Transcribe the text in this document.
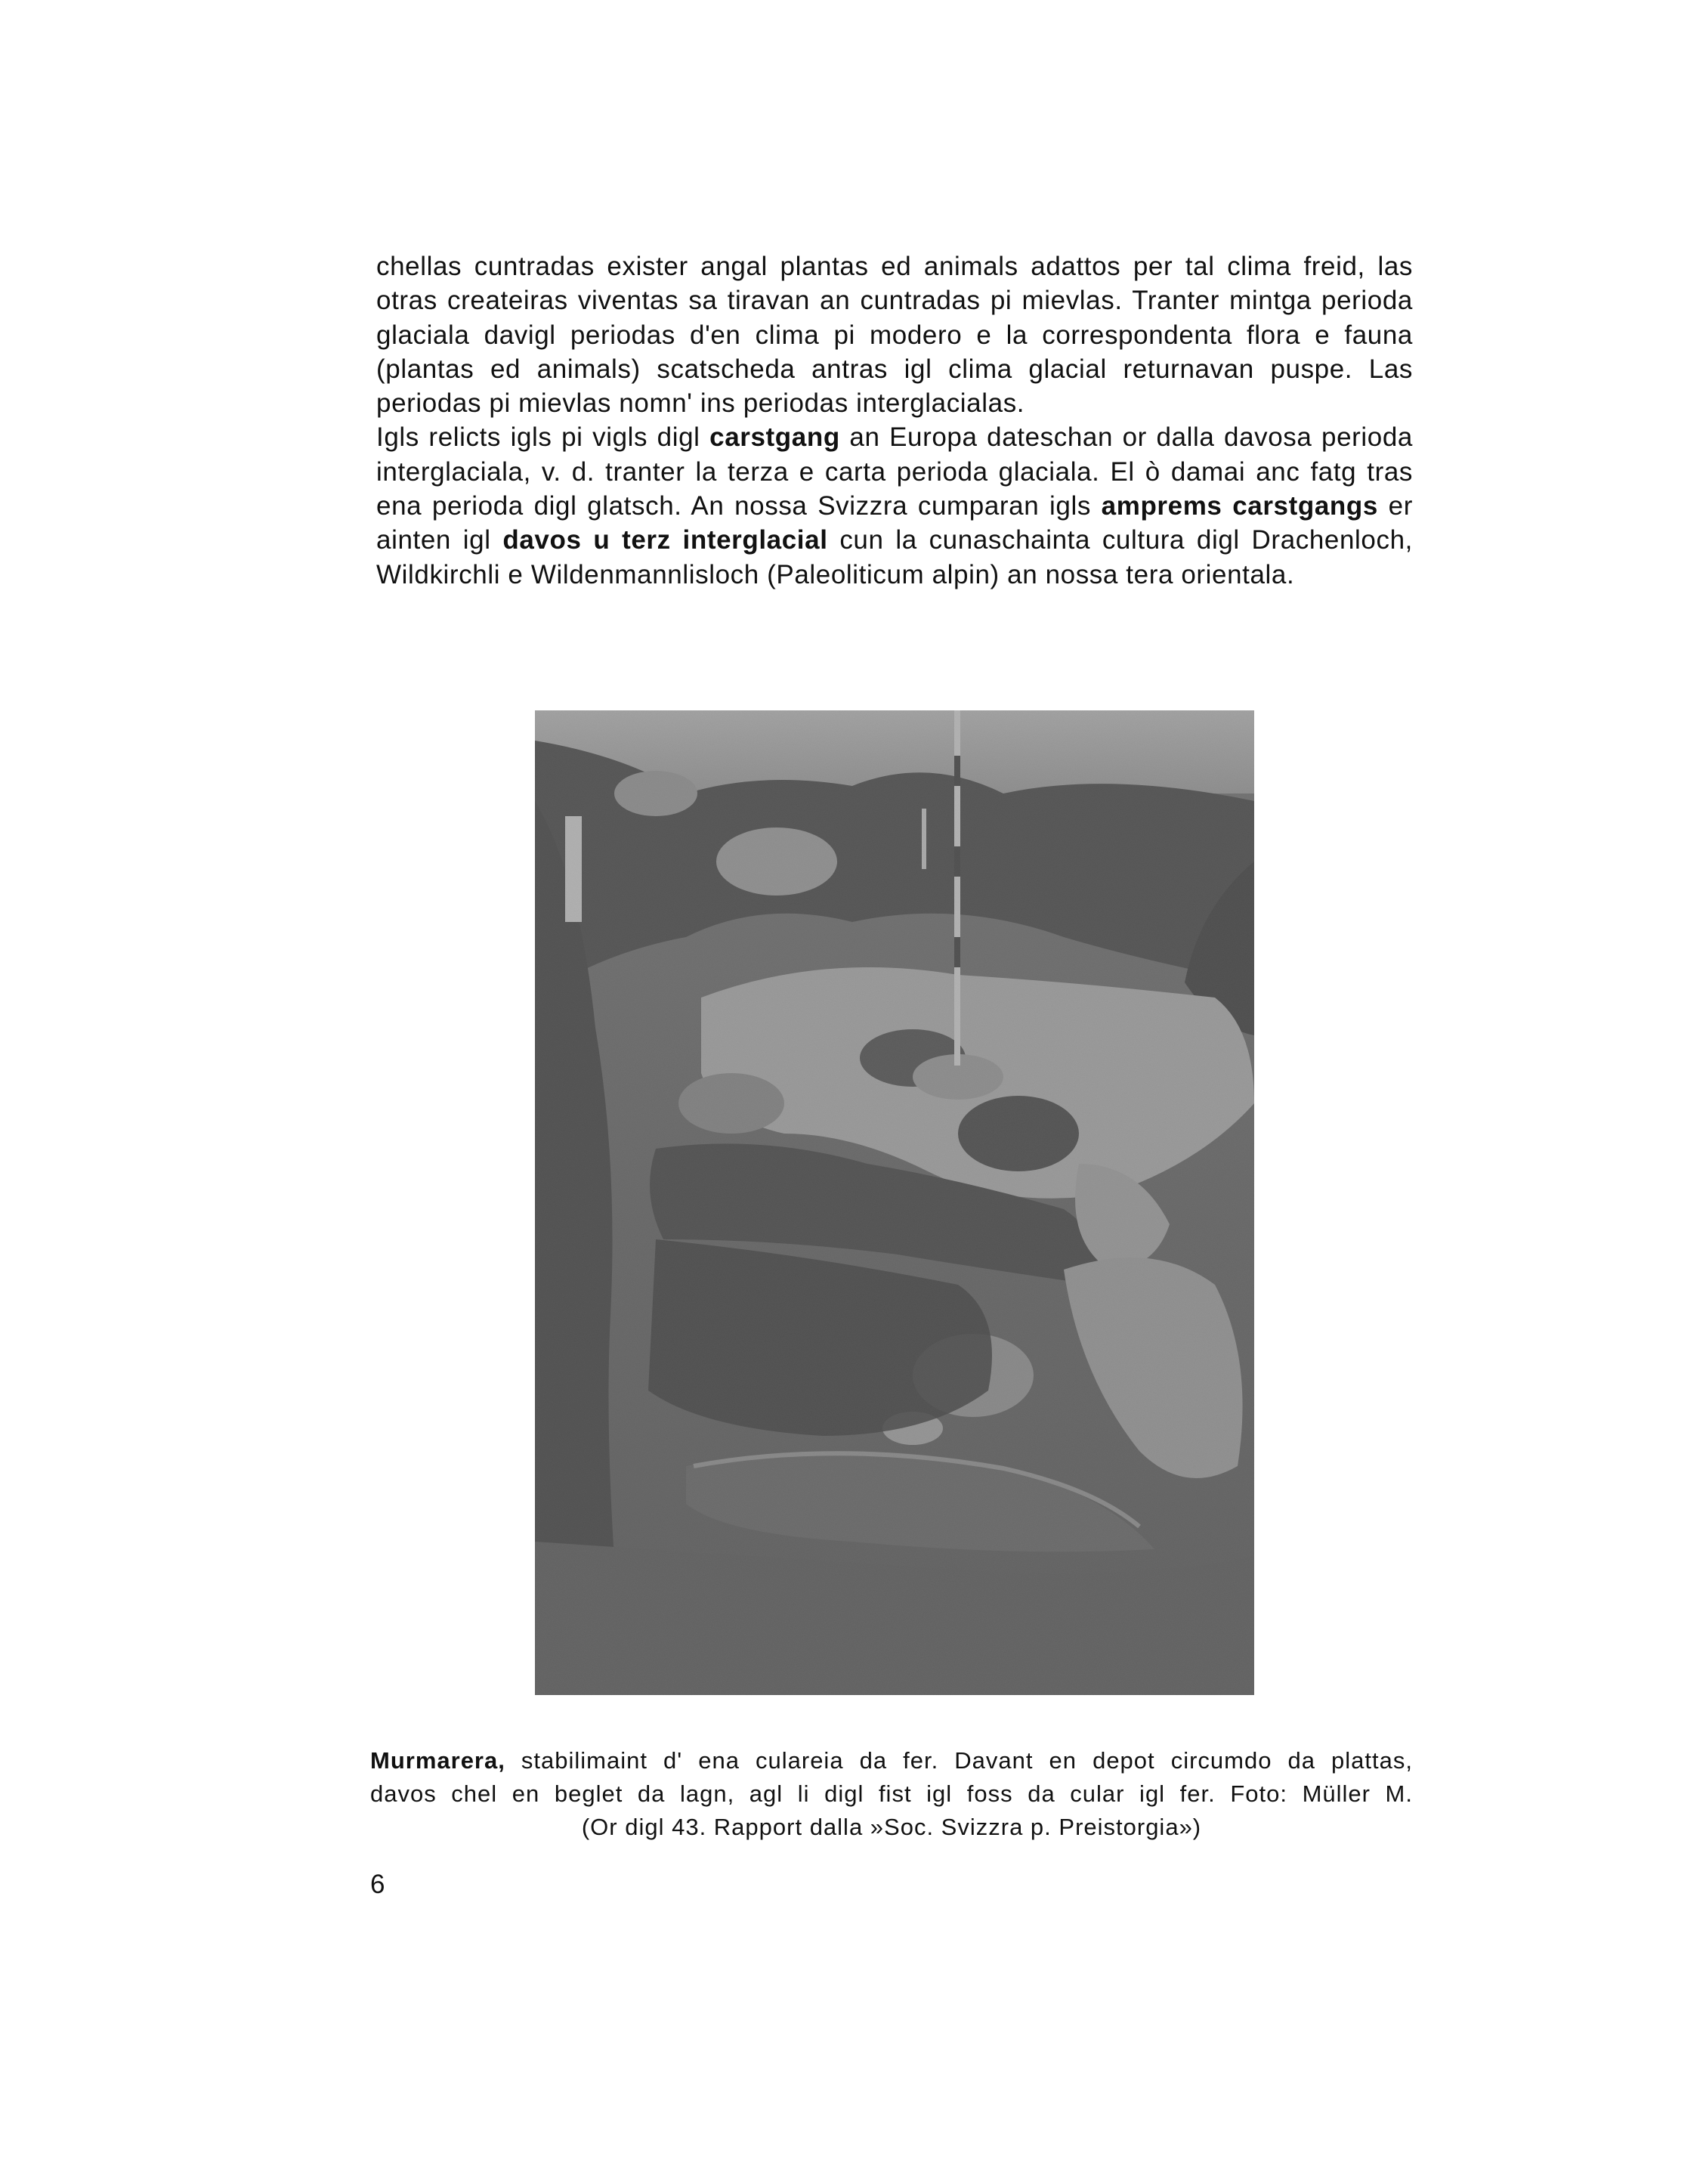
chellas cuntradas exister angal plantas ed animals adattos per tal clima freid, las otras createiras viventas sa tiravan an cuntradas pi mievlas. Tranter mintga perioda glaciala davigl periodas d'en clima pi modero e la correspondenta flora e fauna (plantas ed animals) scatscheda antras igl clima glacial returnavan puspe. Las periodas pi mievlas nomn' ins periodas interglacialas.
Igls relicts igls pi vigls digl carstgang an Europa dateschan or dalla davosa perioda interglaciala, v. d. tranter la terza e carta perioda glaciala. El ò damai anc fatg tras ena perioda digl glatsch. An nossa Svizzra cumparan igls amprems carstgangs er ainten igl davos u terz interglacial cun la cunaschainta cultura digl Drachenloch, Wildkirchli e Wildenmannlisloch (Paleoliticum alpin) an nossa tera orientala.
Murmarera, stabilimaint d' ena culareia da fer. Davant en depot circumdo da plattas,
davos chel en beglet da lagn, agl li digl fist igl foss da cular igl fer. Foto: Müller M.
(Or digl 43. Rapport dalla »Soc. Svizzra p. Preistorgia»)
6
